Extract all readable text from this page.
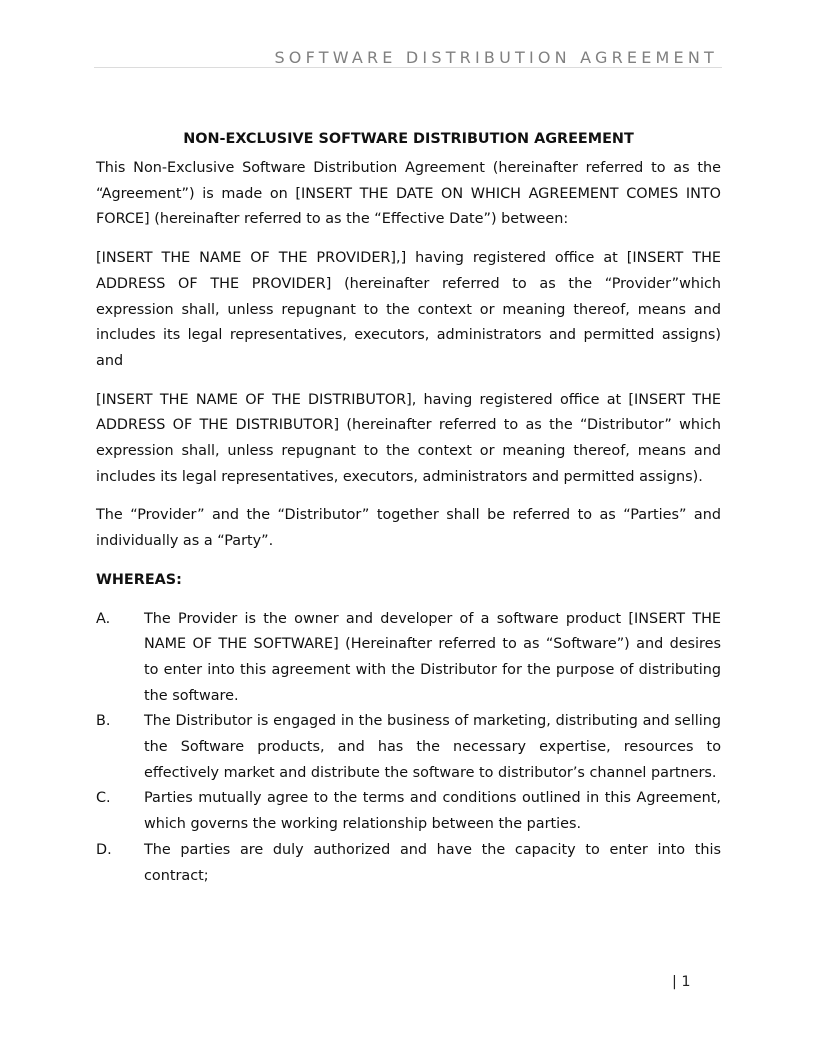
SOFTWARE DISTRIBUTION AGREEMENT
NON-EXCLUSIVE SOFTWARE DISTRIBUTION AGREEMENT

This Non-Exclusive Software Distribution Agreement (hereinafter referred to as the “Agreement”) is made on [INSERT THE DATE ON WHICH AGREEMENT COMES INTO FORCE] (hereinafter referred to as the “Effective Date”) between:

[INSERT THE NAME OF THE PROVIDER],] having registered office at [INSERT THE ADDRESS OF THE PROVIDER] (hereinafter referred to as the “Provider”which expression shall, unless repugnant to the context or meaning thereof, means and includes its legal representatives, executors, administrators and permitted assigns) and

[INSERT THE NAME OF THE DISTRIBUTOR], having registered office at [INSERT THE ADDRESS OF THE DISTRIBUTOR] (hereinafter referred to as the “Distributor” which expression shall, unless repugnant to the context or meaning thereof, means and includes its legal representatives, executors, administrators and permitted assigns).

The “Provider” and the “Distributor” together shall be referred to as “Parties” and individually as a “Party”.

WHEREAS:
A.	The Provider is the owner and developer of a software product [INSERT THE NAME OF THE SOFTWARE] (Hereinafter referred to as “Software”) and desires to enter into this agreement with the Distributor for the purpose of distributing the software.
B.	The Distributor is engaged in the business of marketing, distributing and selling the Software products, and has the necessary expertise, resources to effectively market and distribute the software to distributor’s channel partners.
C.	Parties mutually agree to the terms and conditions outlined in this Agreement, which governs the working relationship between the parties.
D.	The parties are duly authorized and have the capacity to enter into this contract;
| 1
